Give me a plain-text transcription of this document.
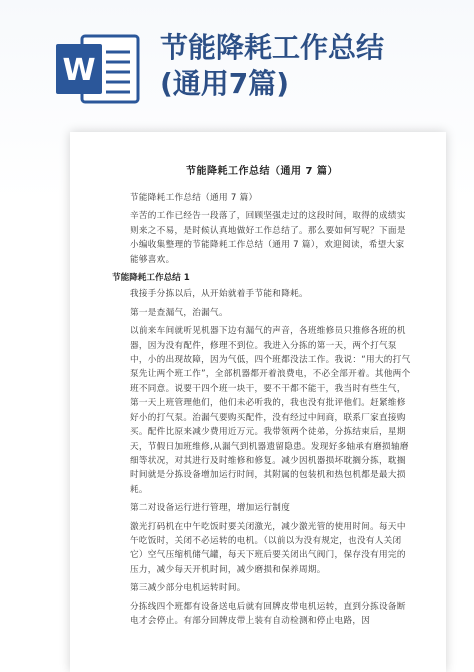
W
节能降耗工作总结
(通用7篇)
节能降耗工作总结（通用 7 篇）

节能降耗工作总结（通用 7 篇）

辛苦的工作已经告一段落了，回顾坚强走过的这段时间，取得的成绩实则来之不易，是时候认真地做好工作总结了。那么要如何写呢？下面是小编收集整理的节能降耗工作总结（通用 7 篇），欢迎阅读，希望大家能够喜欢。

节能降耗工作总结 1

我接手分拣以后，从开始就着手节能和降耗。

第一是查漏气，治漏气。

以前来车间就听见机器下边有漏气的声音，各班维修员只推修各班的机器，因为没有配件，修理不到位。我进入分拣的第一天，两个打气泵中，小的出现故障，因为气低，四个班都没法工作。我说：“用大的打气泵先让两个班工作”，全部机器都开着浪费电，不必全部开着。其他两个班不同意。说要干四个班一块干，要不干都不能干，我当时有些生气，第一天上班管理他们，他们未必听我的，我也没有批评他们。赶紧维修好小的打气泵。治漏气要购买配件，没有经过中间商，联系厂家直接购买。配件比原来减少费用近万元。我带领两个徒弟，分拣结束后，星期天，节假日加班维修,从漏气到机器遗留隐患。发现好多轴承有磨损轴磨细等状况，对其进行及时维修和修复。减少因机器损坏耽搁分拣，耽搁时间就是分拣设备增加运行时间，其附属的包装机和热包机都是最大损耗。

第二对设备运行进行管理，增加运行制度

激光打码机在中午吃饭时要关闭激光，减少激光管的使用时间。每天中午吃饭时，关闭不必运转的电机。（以前以为没有规定，也没有人关闭它）空气压缩机储气罐，每天下班后要关闭出气阀门，保存没有用完的压力，减少每天开机时间，减少磨损和保养周期。

第三减少部分电机运转时间。

分拣线四个班都有设备送电后就有回牌皮带电机运转，直到分拣设备断电才会停止。有部分回牌皮带上装有自动检测和停止电路，因
